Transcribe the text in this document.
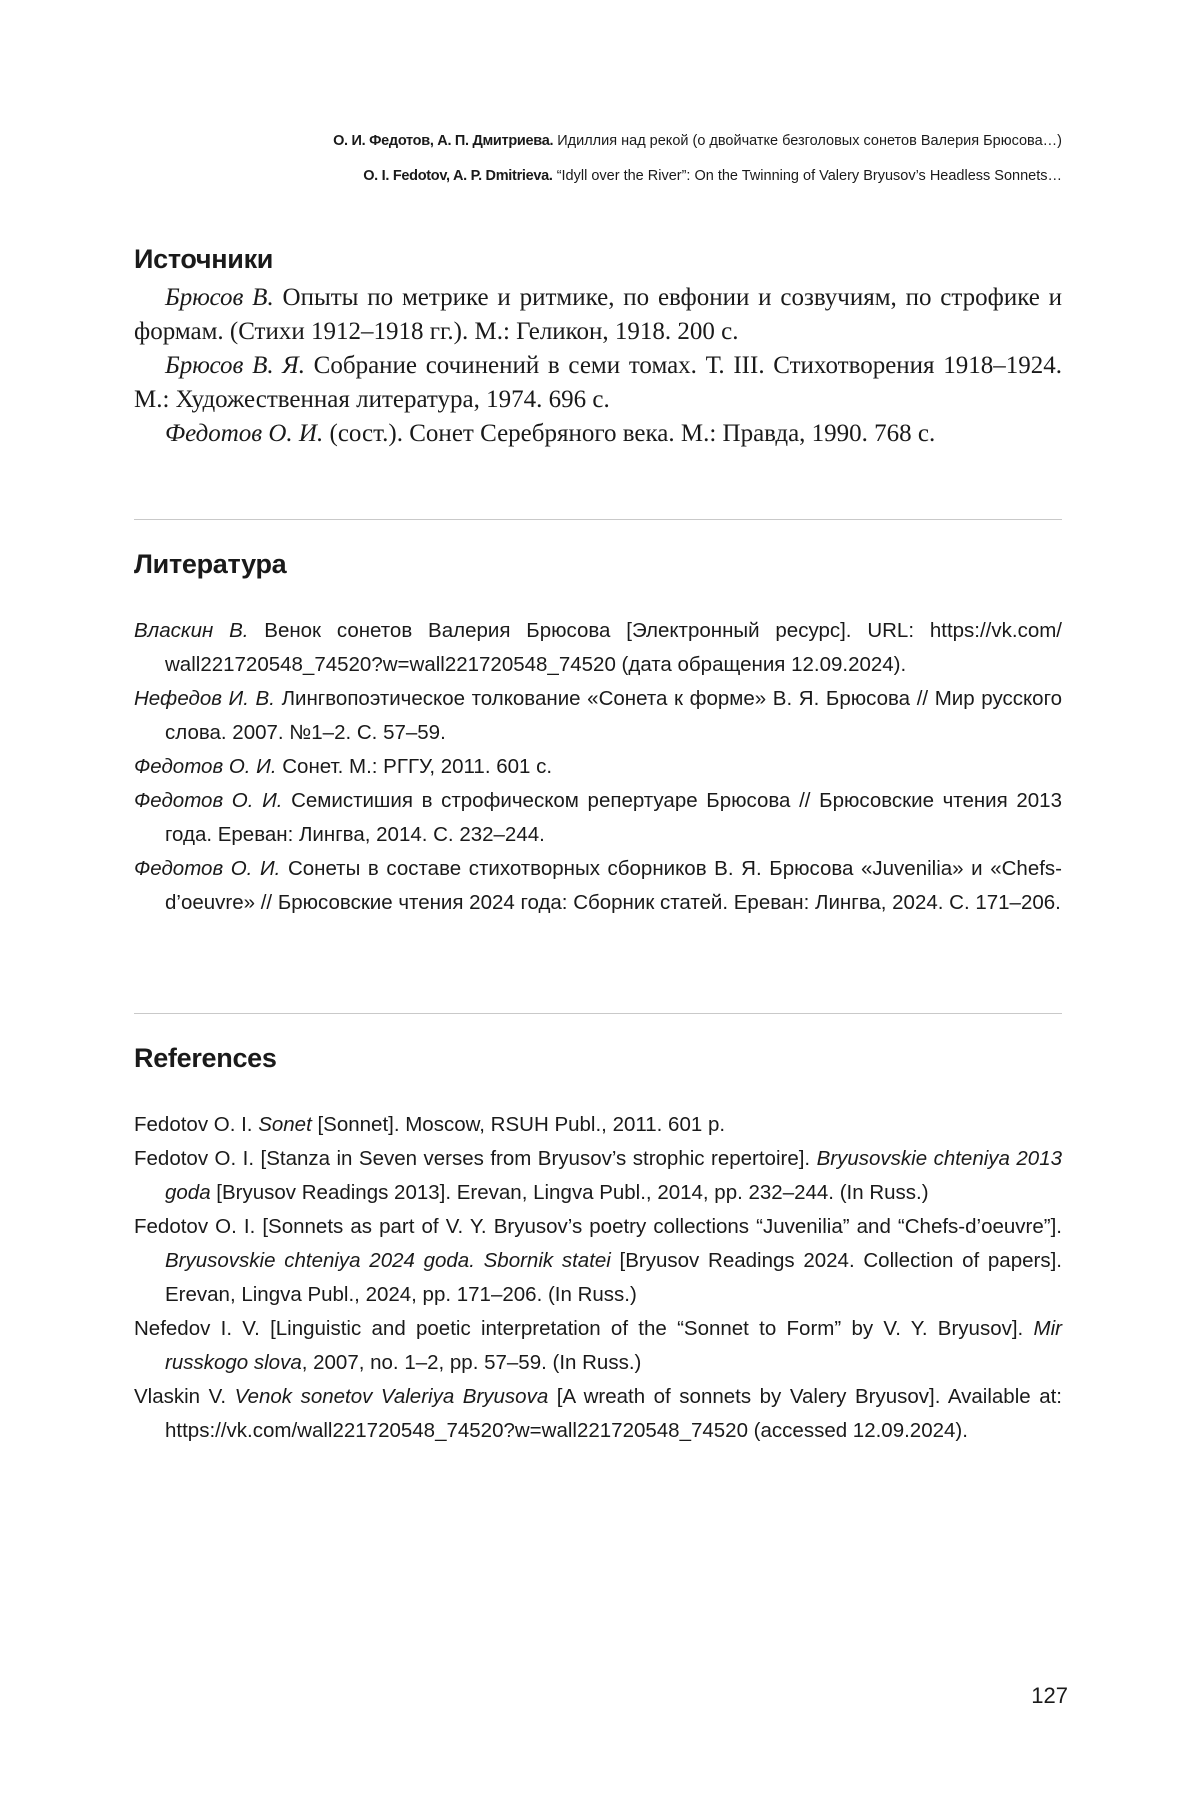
О. И. Федотов, А. П. Дмитриева. Идиллия над рекой (о двойчатке безголовых сонетов Валерия Брюсова…)
O. I. Fedotov, A. P. Dmitrieva. “Idyll over the River”: On the Twinning of Valery Bryusov’s Headless Sonnets…
Источники

Брюсов В. Опыты по метрике и ритмике, по евфонии и созвучиям, по строфике и формам. (Стихи 1912–1918 гг.). М.: Геликон, 1918. 200 с.

Брюсов В. Я. Собрание сочинений в семи томах. Т. III. Стихотворения 1918–1924. М.: Художественная литература, 1974. 696 с.

Федотов О. И. (сост.). Сонет Серебряного века. М.: Правда, 1990. 768 с.

Литература

Власкин В. Венок сонетов Валерия Брюсова [Электронный ресурс]. URL: https://vk.com/ wall221720548_74520?w=wall221720548_74520 (дата обращения 12.09.2024).

Нефедов И. В. Лингвопоэтическое толкование «Сонета к форме» В. Я. Брюсова // Мир русского слова. 2007. №1–2. С. 57–59.

Федотов О. И. Сонет. М.: РГГУ, 2011. 601 с.

Федотов О. И. Семистишия в строфическом репертуаре Брюсова // Брюсовские чтения 2013 года. Ереван: Лингва, 2014. С. 232–244.

Федотов О. И. Сонеты в составе стихотворных сборников В. Я. Брюсова «Juvenilia» и «Chefs-d’oeuvre» // Брюсовские чтения 2024 года: Сборник статей. Ереван: Лингва, 2024. С. 171–206.

References

Fedotov O. I. Sonet [Sonnet]. Moscow, RSUH Publ., 2011. 601 p.

Fedotov O. I. [Stanza in Seven verses from Bryusov’s strophic repertoire]. Bryusovskie chteniya 2013 goda [Bryusov Readings 2013]. Erevan, Lingva Publ., 2014, pp. 232–244. (In Russ.)

Fedotov O. I. [Sonnets as part of V. Y. Bryusov’s poetry collections “Juvenilia” and “Chefs-d’oeuvre”]. Bryusovskie chteniya 2024 goda. Sbornik statei [Bryusov Readings 2024. Collection of papers]. Erevan, Lingva Publ., 2024, pp. 171–206. (In Russ.)

Nefedov I. V. [Linguistic and poetic interpretation of the “Sonnet to Form” by V. Y. Bryusov]. Mir russkogo slova, 2007, no. 1–2, pp. 57–59. (In Russ.)

Vlaskin V. Venok sonetov Valeriya Bryusova [A wreath of sonnets by Valery Bryusov]. Available at: https://vk.com/wall221720548_74520?w=wall221720548_74520 (accessed 12.09.2024).

127
